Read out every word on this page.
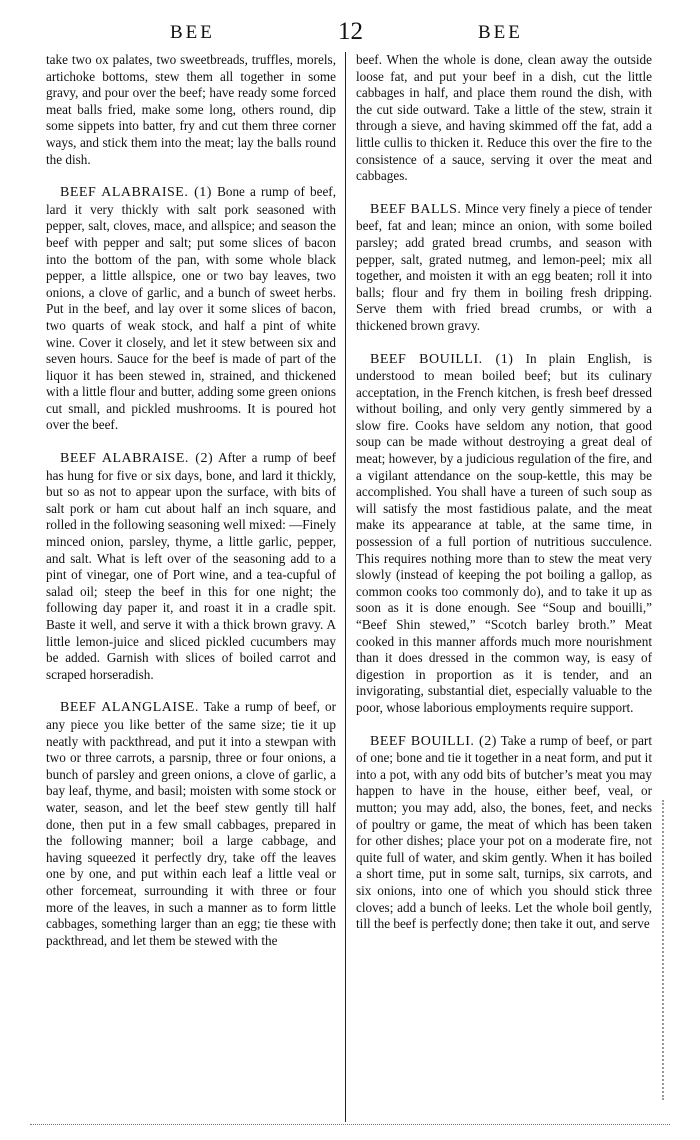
BEE	12	BEE

take two ox palates, two sweetbreads, truffles, morels, artichoke bottoms, stew them all together in some gravy, and pour over the beef; have ready some forced meat balls fried, make some long, others round, dip some sippets into batter, fry and cut them three corner ways, and stick them into the meat; lay the balls round the dish.

BEEF ALABRAISE. (1) Bone a rump of beef, lard it very thickly with salt pork seasoned with pepper, salt, cloves, mace, and allspice; and season the beef with pepper and salt; put some slices of bacon into the bottom of the pan, with some whole black pepper, a little allspice, one or two bay leaves, two onions, a clove of garlic, and a bunch of sweet herbs. Put in the beef, and lay over it some slices of bacon, two quarts of weak stock, and half a pint of white wine. Cover it closely, and let it stew between six and seven hours. Sauce for the beef is made of part of the liquor it has been stewed in, strained, and thickened with a little flour and butter, adding some green onions cut small, and pickled mushrooms. It is poured hot over the beef.

BEEF ALABRAISE. (2) After a rump of beef has hung for five or six days, bone, and lard it thickly, but so as not to appear upon the surface, with bits of salt pork or ham cut about half an inch square, and rolled in the following seasoning well mixed: —Finely minced onion, parsley, thyme, a little garlic, pepper, and salt. What is left over of the seasoning add to a pint of vinegar, one of Port wine, and a tea-cupful of salad oil; steep the beef in this for one night; the following day paper it, and roast it in a cradle spit. Baste it well, and serve it with a thick brown gravy. A little lemon-juice and sliced pickled cucumbers may be added. Garnish with slices of boiled carrot and scraped horseradish.

BEEF ALANGLAISE. Take a rump of beef, or any piece you like better of the same size; tie it up neatly with packthread, and put it into a stewpan with two or three carrots, a parsnip, three or four onions, a bunch of parsley and green onions, a clove of garlic, a bay leaf, thyme, and basil; moisten with some stock or water, season, and let the beef stew gently till half done, then put in a few small cabbages, prepared in the following manner; boil a large cabbage, and having squeezed it perfectly dry, take off the leaves one by one, and put within each leaf a little veal or other forcemeat, surrounding it with three or four more of the leaves, in such a manner as to form little cabbages, something larger than an egg; tie these with packthread, and let them be stewed with the

beef. When the whole is done, clean away the outside loose fat, and put your beef in a dish, cut the little cabbages in half, and place them round the dish, with the cut side outward. Take a little of the stew, strain it through a sieve, and having skimmed off the fat, add a little cullis to thicken it. Reduce this over the fire to the consistence of a sauce, serving it over the meat and cabbages.

BEEF BALLS. Mince very finely a piece of tender beef, fat and lean; mince an onion, with some boiled parsley; add grated bread crumbs, and season with pepper, salt, grated nutmeg, and lemon-peel; mix all together, and moisten it with an egg beaten; roll it into balls; flour and fry them in boiling fresh dripping. Serve them with fried bread crumbs, or with a thickened brown gravy.

BEEF BOUILLI. (1) In plain English, is understood to mean boiled beef; but its culinary acceptation, in the French kitchen, is fresh beef dressed without boiling, and only very gently simmered by a slow fire. Cooks have seldom any notion, that good soup can be made without destroying a great deal of meat; however, by a judicious regulation of the fire, and a vigilant attendance on the soup-kettle, this may be accomplished. You shall have a tureen of such soup as will satisfy the most fastidious palate, and the meat make its appearance at table, at the same time, in possession of a full portion of nutritious succulence. This requires nothing more than to stew the meat very slowly (instead of keeping the pot boiling a gallop, as common cooks too commonly do), and to take it up as soon as it is done enough. See “Soup and bouilli,” “Beef Shin stewed,” “Scotch barley broth.” Meat cooked in this manner affords much more nourishment than it does dressed in the common way, is easy of digestion in proportion as it is tender, and an invigorating, substantial diet, especially valuable to the poor, whose laborious employments require support.

BEEF BOUILLI. (2) Take a rump of beef, or part of one; bone and tie it together in a neat form, and put it into a pot, with any odd bits of butcher’s meat you may happen to have in the house, either beef, veal, or mutton; you may add, also, the bones, feet, and necks of poultry or game, the meat of which has been taken for other dishes; place your pot on a moderate fire, not quite full of water, and skim gently. When it has boiled a short time, put in some salt, turnips, six carrots, and six onions, into one of which you should stick three cloves; add a bunch of leeks. Let the whole boil gently, till the beef is perfectly done; then take it out, and serve
